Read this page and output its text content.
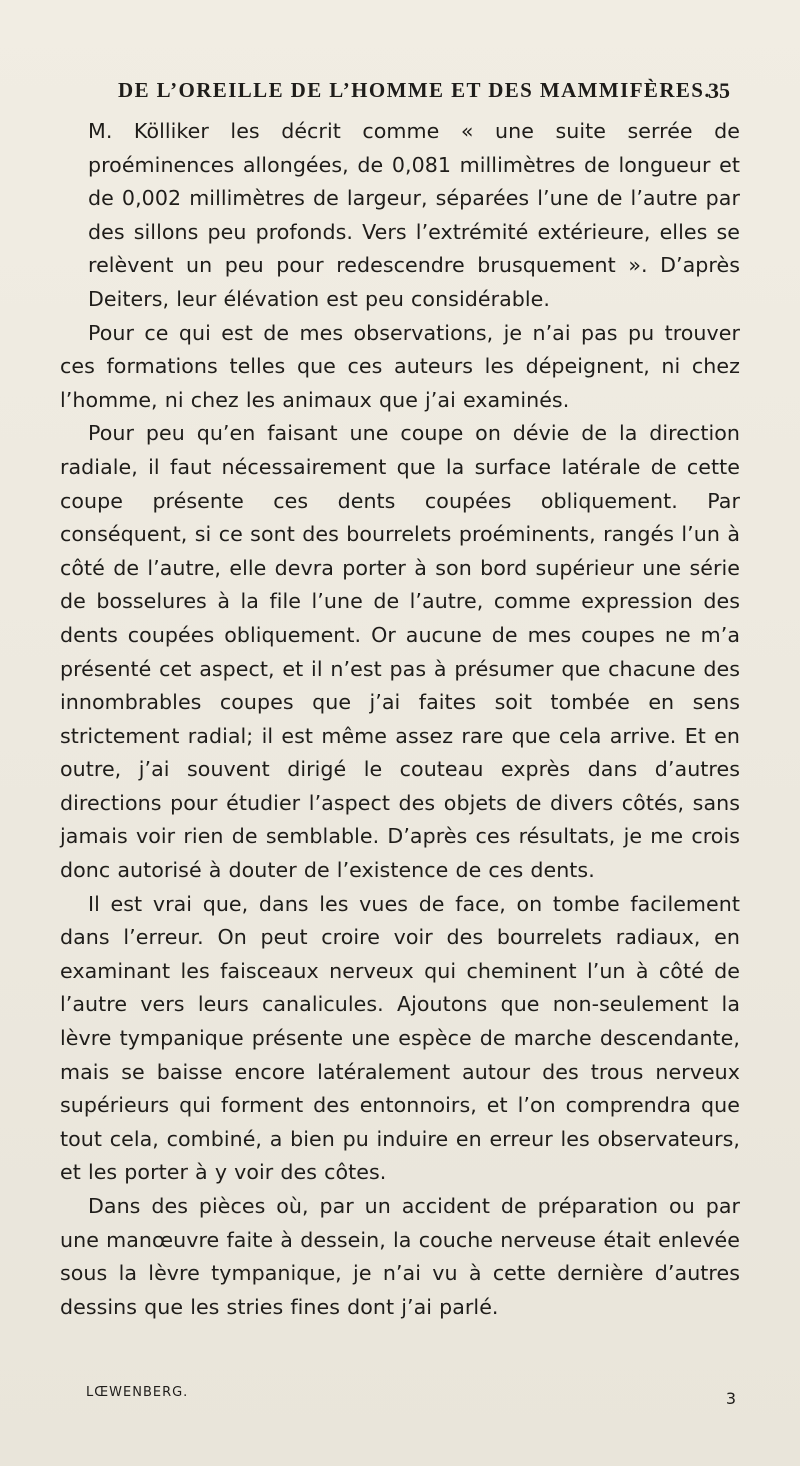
DE L’OREILLE DE L’HOMME ET DES MAMMIFÈRES.
35

M. Kölliker les décrit comme « une suite serrée de proéminences allongées, de 0,081 millimètres de longueur et de 0,002 millimètres de largeur, séparées l’une de l’autre par des sillons peu profonds. Vers l’extrémité extérieure, elles se relèvent un peu pour redescendre brusquement ». D’après Deiters, leur élévation est peu considérable.

Pour ce qui est de mes observations, je n’ai pas pu trouver ces formations telles que ces auteurs les dépeignent, ni chez l’homme, ni chez les animaux que j’ai examinés.

Pour peu qu’en faisant une coupe on dévie de la direction radiale, il faut nécessairement que la surface latérale de cette coupe présente ces dents coupées obliquement. Par conséquent, si ce sont des bourrelets proéminents, rangés l’un à côté de l’autre, elle devra porter à son bord supérieur une série de bosselures à la file l’une de l’autre, comme expression des dents coupées obliquement. Or aucune de mes coupes ne m’a présenté cet aspect, et il n’est pas à présumer que chacune des innombrables coupes que j’ai faites soit tombée en sens strictement radial; il est même assez rare que cela arrive. Et en outre, j’ai souvent dirigé le couteau exprès dans d’autres directions pour étudier l’aspect des objets de divers côtés, sans jamais voir rien de semblable. D’après ces résultats, je me crois donc autorisé à douter de l’existence de ces dents.

Il est vrai que, dans les vues de face, on tombe facilement dans l’erreur. On peut croire voir des bourrelets radiaux, en examinant les faisceaux nerveux qui cheminent l’un à côté de l’autre vers leurs canalicules. Ajoutons que non-seulement la lèvre tympanique présente une espèce de marche descendante, mais se baisse encore latéralement autour des trous nerveux supérieurs qui forment des entonnoirs, et l’on comprendra que tout cela, combiné, a bien pu induire en erreur les observateurs, et les porter à y voir des côtes.

Dans des pièces où, par un accident de préparation ou par une manœuvre faite à dessein, la couche nerveuse était enlevée sous la lèvre tympanique, je n’ai vu à cette dernière d’autres dessins que les stries fines dont j’ai parlé.

LŒWENBERG.	3
